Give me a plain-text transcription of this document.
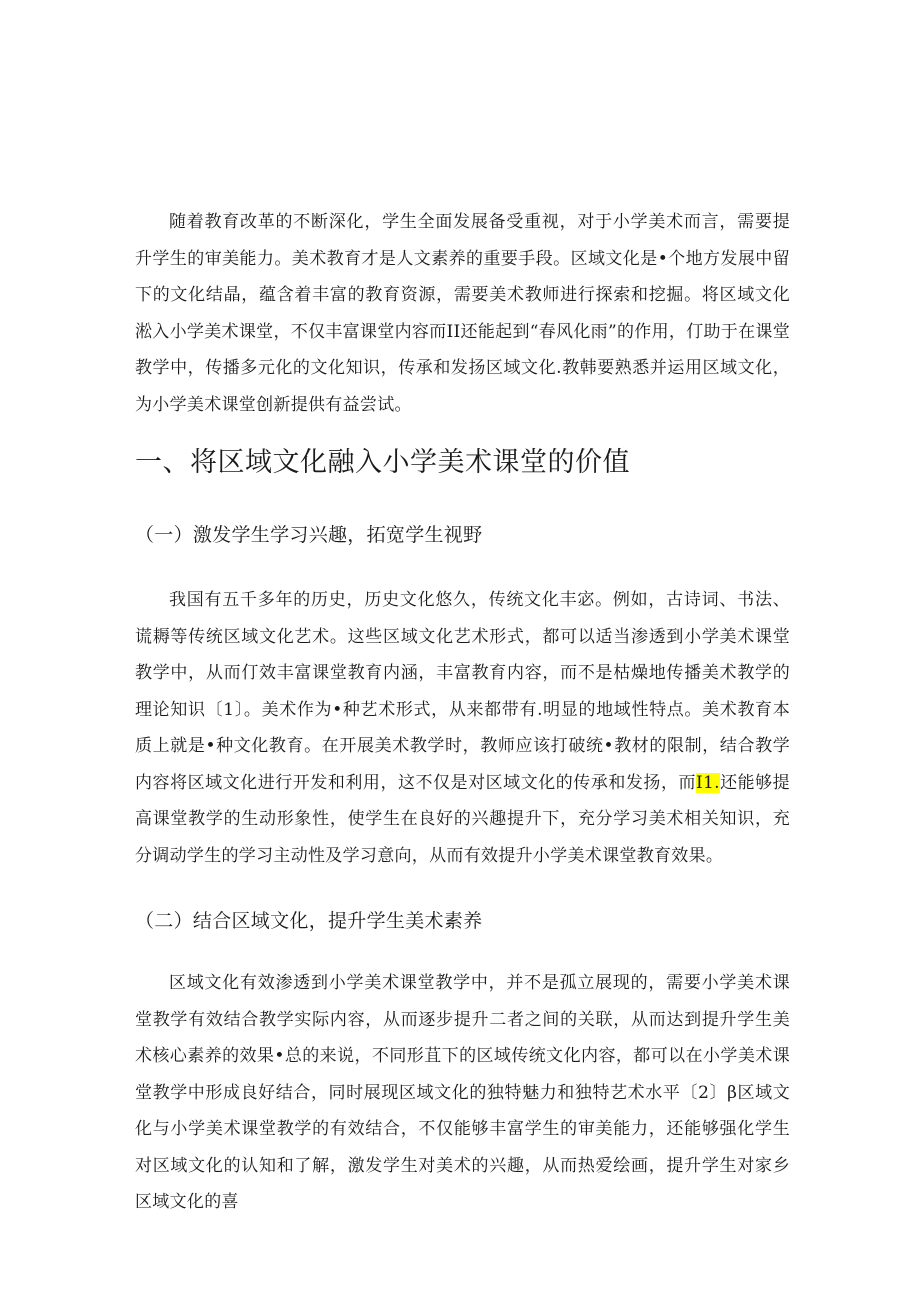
随着教育改革的不断深化，学生全面发展备受重视，对于小学美术而言，需要提升学生的审美能力。美术教育才是人文素养的重要手段。区域文化是•个地方发展中留下的文化结晶，蕴含着丰富的教育资源，需要美术教师进行探索和挖掘。将区域文化淞入小学美术课堂，不仅丰富课堂内容而II还能起到“春风化雨”的作用，仃助于在课堂教学中，传播多元化的文化知识，传承和发扬区域文化.教韩要熟悉并运用区域文化，为小学美术课堂创新提供有益尝试。

一、将区域文化融入小学美术课堂的价值
（一）激发学生学习兴趣，拓宽学生视野

我国有五千多年的历史，历史文化悠久，传统文化丰宓。例如，古诗词、书法、谎耨等传统区域文化艺术。这些区域文化艺术形式，都可以适当渗透到小学美术课堂教学中，从而仃效丰富课堂教育内涵，丰富教育内容，而不是枯燥地传播美术教学的理论知识〔1〕。美术作为•种艺术形式，从来都带有.明显的地域性特点。美术教育本质上就是•种文化教育。在开展美术教学时，教师应该打破统•教材的限制，结合教学内容将区域文化进行开发和利用，这不仅是对区域文化的传承和发扬，而I1.还能够提高课堂教学的生动形象性，使学生在良好的兴趣提升下，充分学习美术相关知识，充分调动学生的学习主动性及学习意向，从而有效提升小学美术课堂教育效果。

（二）结合区域文化，提升学生美术素养

区域文化有效渗透到小学美术课堂教学中，并不是孤立展现的，需要小学美术课堂教学有效结合教学实际内容，从而逐步提升二者之间的关联，从而达到提升学生美术核心素养的效果•总的来说，不同形苴下的区域传统文化内容，都可以在小学美术课堂教学中形成良好结合，同时展现区域文化的独特魅力和独特艺术水平〔2〕β区域文化与小学美术课堂教学的有效结合，不仅能够丰富学生的审美能力，还能够强化学生对区域文化的认知和了解，激发学生对美术的兴趣，从而热爱绘画，提升学生对家乡区域文化的喜
